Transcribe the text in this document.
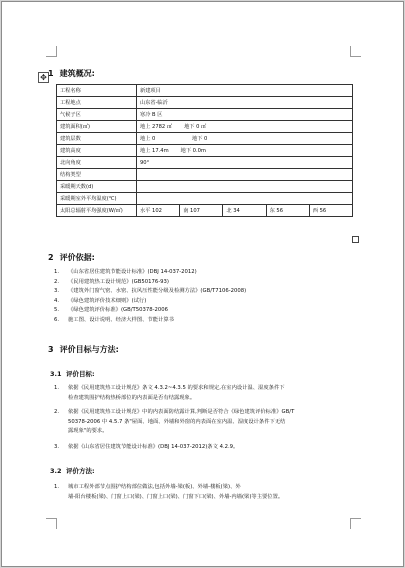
✥ 1 建筑概况:
工程名称	新建项目				
工程地点	山东省-临沂				
气候子区	寒冷 B 区				
建筑面积(㎡)	地上 2782 ㎡ 地下 0 ㎡				
建筑层数	地上 0 地下 0				
建筑高度	地上 17.4m 地下 0.0m				
北向角度	90°				
结构类型					
采暖期天数(d)					
采暖期室外平均温度(℃)					
太阳总辐射平均强度(W/㎡)	水平 102	南 107	北 34	东 56	西 56
2 评价依据:
1. 《山东省居住建筑节能设计标准》(DBJ 14-037-2012)
2. 《民用建筑热工设计规范》(GB50176-93)
3. 《建筑外门窗气密、水密、抗风压性能分级及检测方法》(GB/T7106-2008)
4. 《绿色建筑评价技术细则》(试行)
5. 《绿色建筑评价标准》(GB/T50378-2006
6. 施工图、设计说明、经济大样图、节能计算书
3 评价目标与方法:
3.1 评价目标:
1. 依据《民用建筑热工设计规范》条文 4.3.2~4.3.5 的要求和规定,在室内设计温、湿度条件下
检查建筑围护结构热桥部位的内表面是否有结露现象。
2. 依据《民用建筑热工设计规范》中的内表面防结露计算,判断是否符合《绿色建筑评价标准》GB/T
50378-2006 中 4.5.7 条"屋面、地面、外墙和外窗的内表面在室内温、湿度设计条件下无结
露现象"的要求。
3. 依据《山东省居住建筑节能设计标准》(DBJ 14-037-2012)条文 4.2.9。
3.2 评价方法:
1. 城市工程外部节点围护结构部位做法,包括外墙-梁(板)、外墙-楼板(梁)、外
墙-阳台楼板(梁)、门窗上口(梁)、门窗上口(梁)、门窗下口(梁)、外墙-内墙(梁)等主要位置。
